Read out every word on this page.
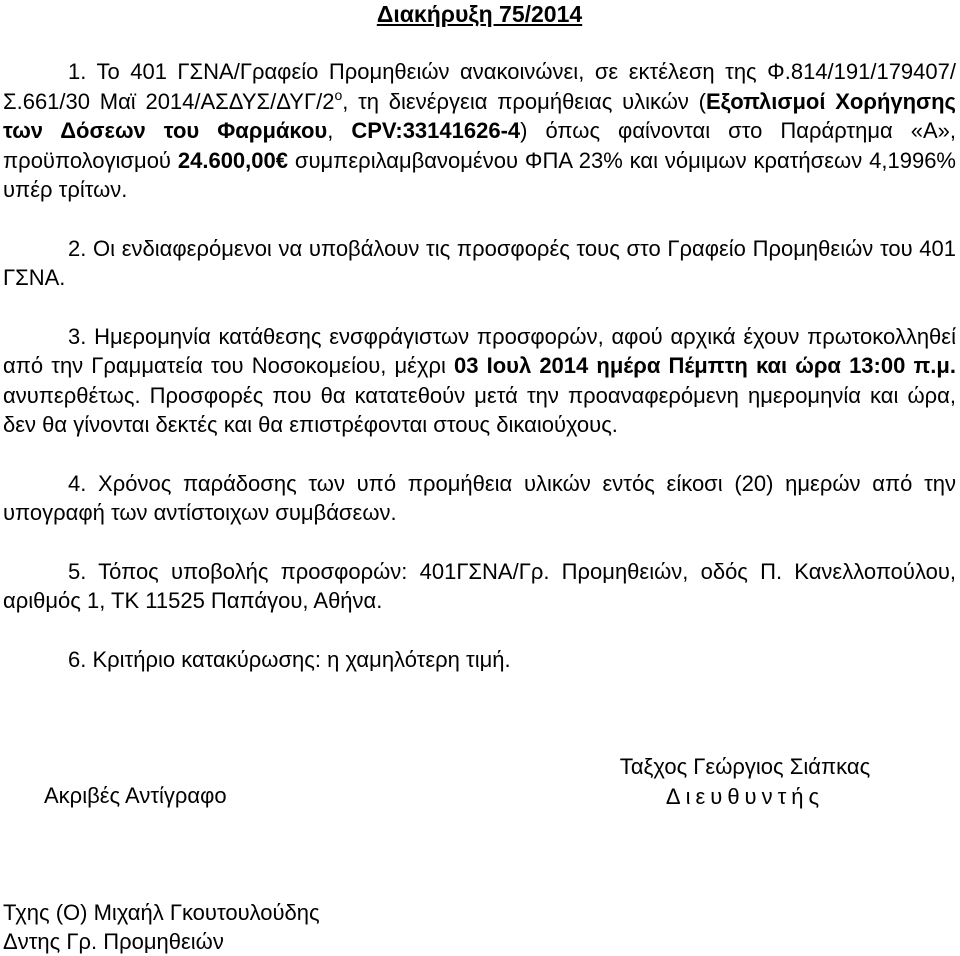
Διακήρυξη 75/2014
1. Το 401 ΓΣΝΑ/Γραφείο Προμηθειών ανακοινώνει, σε εκτέλεση της Φ.814/191/179407/Σ.661/30 Μαϊ $2014/A\Sigma\Delta\Upsilon\Sigma/\Delta\Upsilon\Gamma/2^o$, τη διενέργεια προμήθειας υλικών (Εξοπλισμοί Χορήγησης των Δόσεων του Φαρμάκου, CPV:33141626-4) όπως φαίνονται στο Παράρτημα «Α», προϋπολογισμού 24.600,00€ συμπεριλαμβανομένου ΦΠΑ 23% και νόμιμων κρατήσεων 4,1996% υπέρ τρίτων.
2. Οι ενδιαφερόμενοι να υποβάλουν τις προσφορές τους στο Γραφείο Προμηθειών του 401 ΓΣΝΑ.
3. Ημερομηνία κατάθεσης ενσφράγιστων προσφορών, αφού αρχικά έχουν πρωτοκολληθεί από την Γραμματεία του Νοσοκομείου, μέχρι 03 Ιουλ 2014 ημέρα Πέμπτη και ώρα 13:00 π.μ. ανυπερθέτως. Προσφορές που θα κατατεθούν μετά την προαναφερόμενη ημερομηνία και ώρα, δεν θα γίνονται δεκτές και θα επιστρέφονται στους δικαιούχους.
4. Χρόνος παράδοσης των υπό προμήθεια υλικών εντός είκοσι (20) ημερών από την υπογραφή των αντίστοιχων συμβάσεων.
5. Τόπος υποβολής προσφορών: 401ΓΣΝΑ/Γρ. Προμηθειών, οδός Π. Κανελλοπούλου, αριθμός 1, ΤΚ 11525 Παπάγου, Αθήνα.
6. Κριτήριο κατακύρωσης: η χαμηλότερη τιμή.
Ταξχος Γεώργιος Σιάπκας
Διευθυντής
Ακριβές Αντίγραφο
Τχης (Ο) Μιχαήλ Γκουτουλούδης
Δντης Γρ. Προμηθειών
